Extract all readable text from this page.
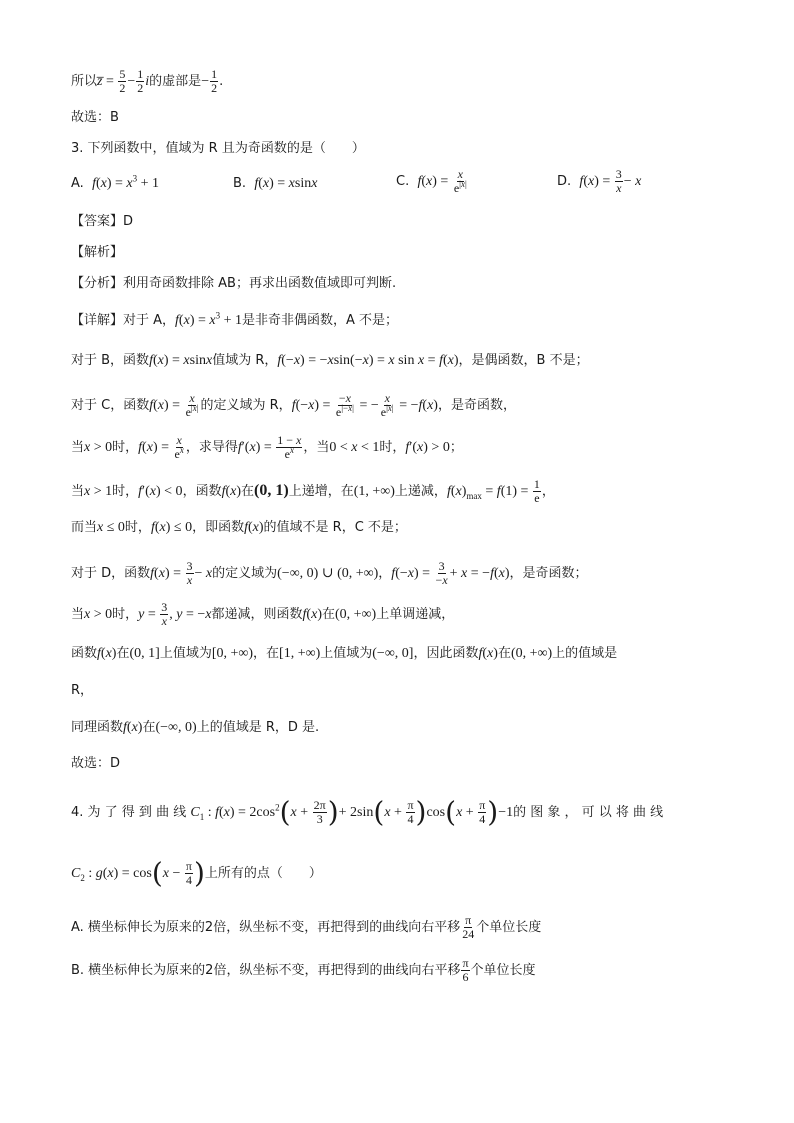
所以z̅ = $\frac{5}{2} - \frac{1}{2}$ i的虚部是− $\frac{1}{2}$ .
故选：B
3. 下列函数中，值域为 R 且为奇函数的是（　　）
A. $f(x) = x^3 + 1$	B. f(x) = xsinx	C. $f(x) = \frac{x}{e^{|x|}}$	D. $f(x) = \frac{3}{x} - x$
【答案】D
【解析】
【分析】利用奇函数排除 AB；再求出函数值域即可判断.
【详解】对于 A，$f(x) = x^3 + 1$是非奇非偶函数，A 不是；
对于 B，函数f(x) = xsinx值域为 R，f(−x) = −xsin(−x) = x sin x = f(x)，是偶函数，B 不是；
对于 C，函数$f(x) = \frac{x}{e^{|x|}}$ 的定义域为 R，$f(-x) = \frac{-x}{e^{|-x|}}$ = − $\frac{x}{e^{|x|}} = -f(x)$，是奇函数，
当x > 0时，$f(x) = \frac{x}{e^x}$ ，求导得$f'(x) = \frac{1 - x}{e^x}$ ，当0 < x < 1时，f′(x) > 0；
当x > 1时，f′(x) < 0，函数f(x)在(0, 1)上递增，在(1, +∞)上递减，$f(x)_{max} = f(1) = \frac{1}{e}$ ，
而当x ≤ 0时，f(x) ≤ 0，即函数f(x)的值域不是 R，C 不是；
对于 D，函数$f(x) = \frac{3}{x} - x$的定义域为(−∞, 0) ∪ (0, +∞)，$f(-x) = \frac{3}{-x} + x = -f(x)$，是奇函数；
当x > 0时，$y = \frac{3}{x}$ , y = −x都递减，则函数f(x)在(0, +∞)上单调递减，
函数f(x)在(0, 1]上值域为[0, +∞)，在[1, +∞)上值域为(−∞, 0]，因此函数f(x)在(0, +∞)上的值域是
R，
同理函数f(x)在(−∞, 0)上的值域是 R，D 是.
故选：D
4. 为 了 得 到 曲 线 $C_1$ : $f(x) = 2\cos^2(x + \frac{2\pi}{3}$ )+ $2\sin(x + \frac{\pi}{4} )\cos(x + \frac{\pi}{4} )-1$的 图 象 ， 可 以 将 曲 线
$C_2$ : $g(x) = \cos(x - \frac{\pi}{4}$ )上所有的点（　　）
A. 横坐标伸长为原来的2倍，纵坐标不变，再把得到的曲线向右平移 $\frac{\pi}{24}$ 个单位长度
B. 横坐标伸长为原来的2倍，纵坐标不变，再把得到的曲线向右平移 $\frac{\pi}{6}$ 个单位长度
